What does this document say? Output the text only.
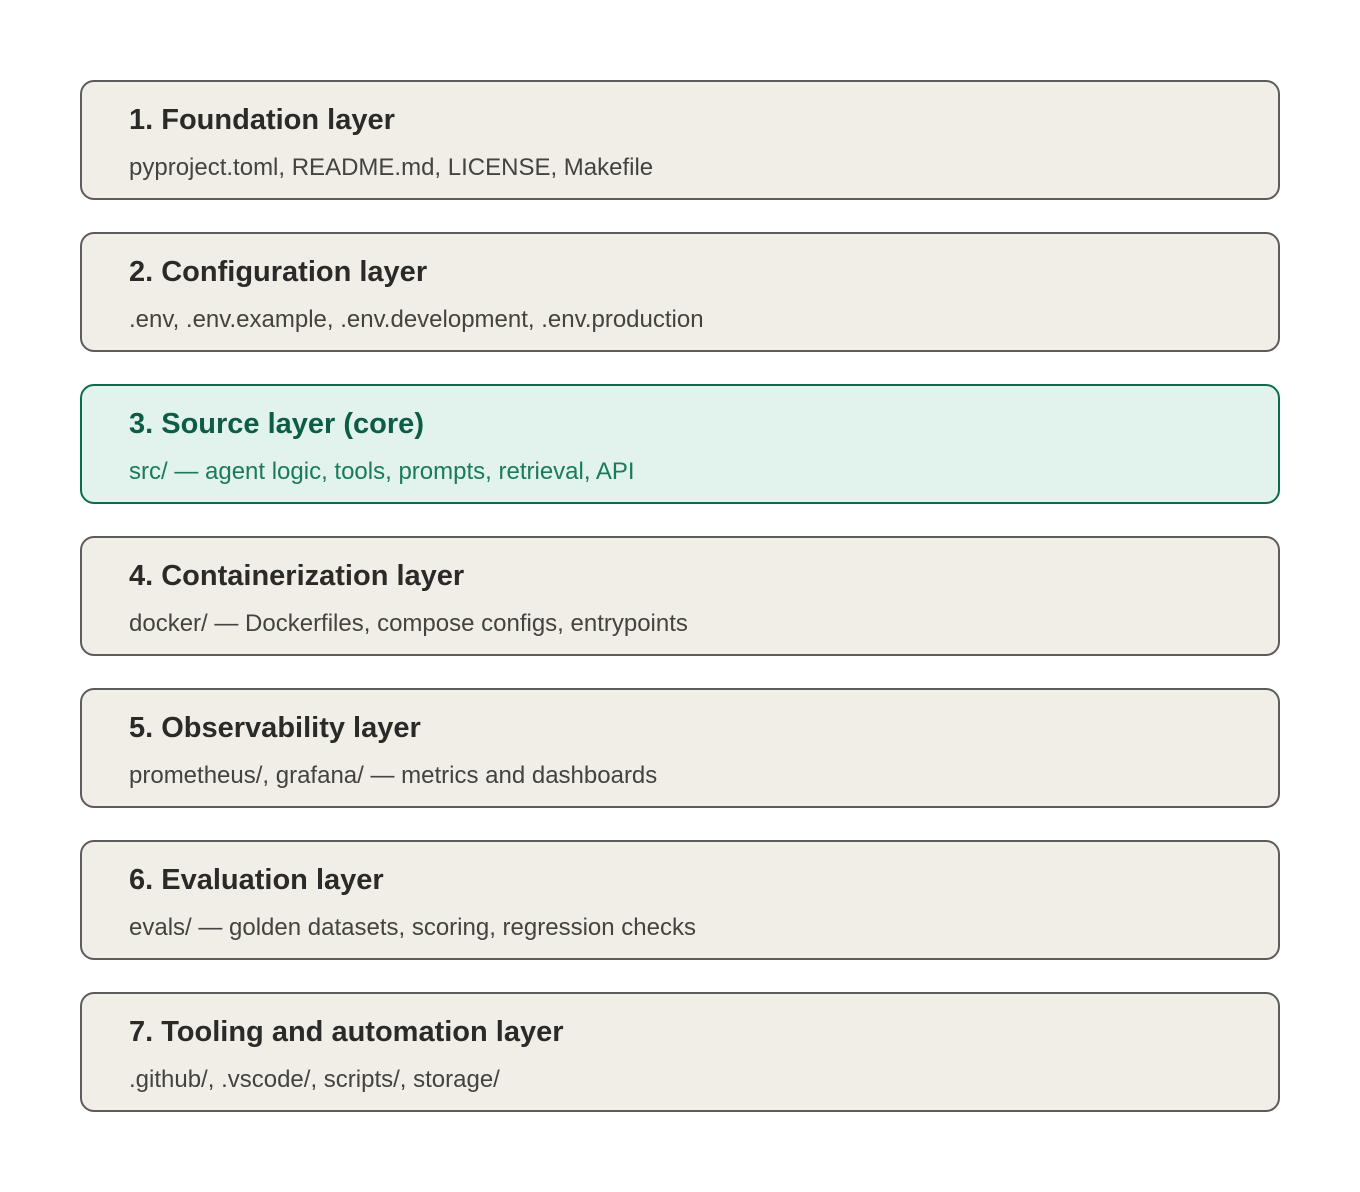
1. Foundation layer
pyproject.toml, README.md, LICENSE, Makefile
2. Configuration layer
.env, .env.example, .env.development, .env.production
3. Source layer (core)
src/ — agent logic, tools, prompts, retrieval, API
4. Containerization layer
docker/ — Dockerfiles, compose configs, entrypoints
5. Observability layer
prometheus/, grafana/ — metrics and dashboards
6. Evaluation layer
evals/ — golden datasets, scoring, regression checks
7. Tooling and automation layer
.github/, .vscode/, scripts/, storage/
